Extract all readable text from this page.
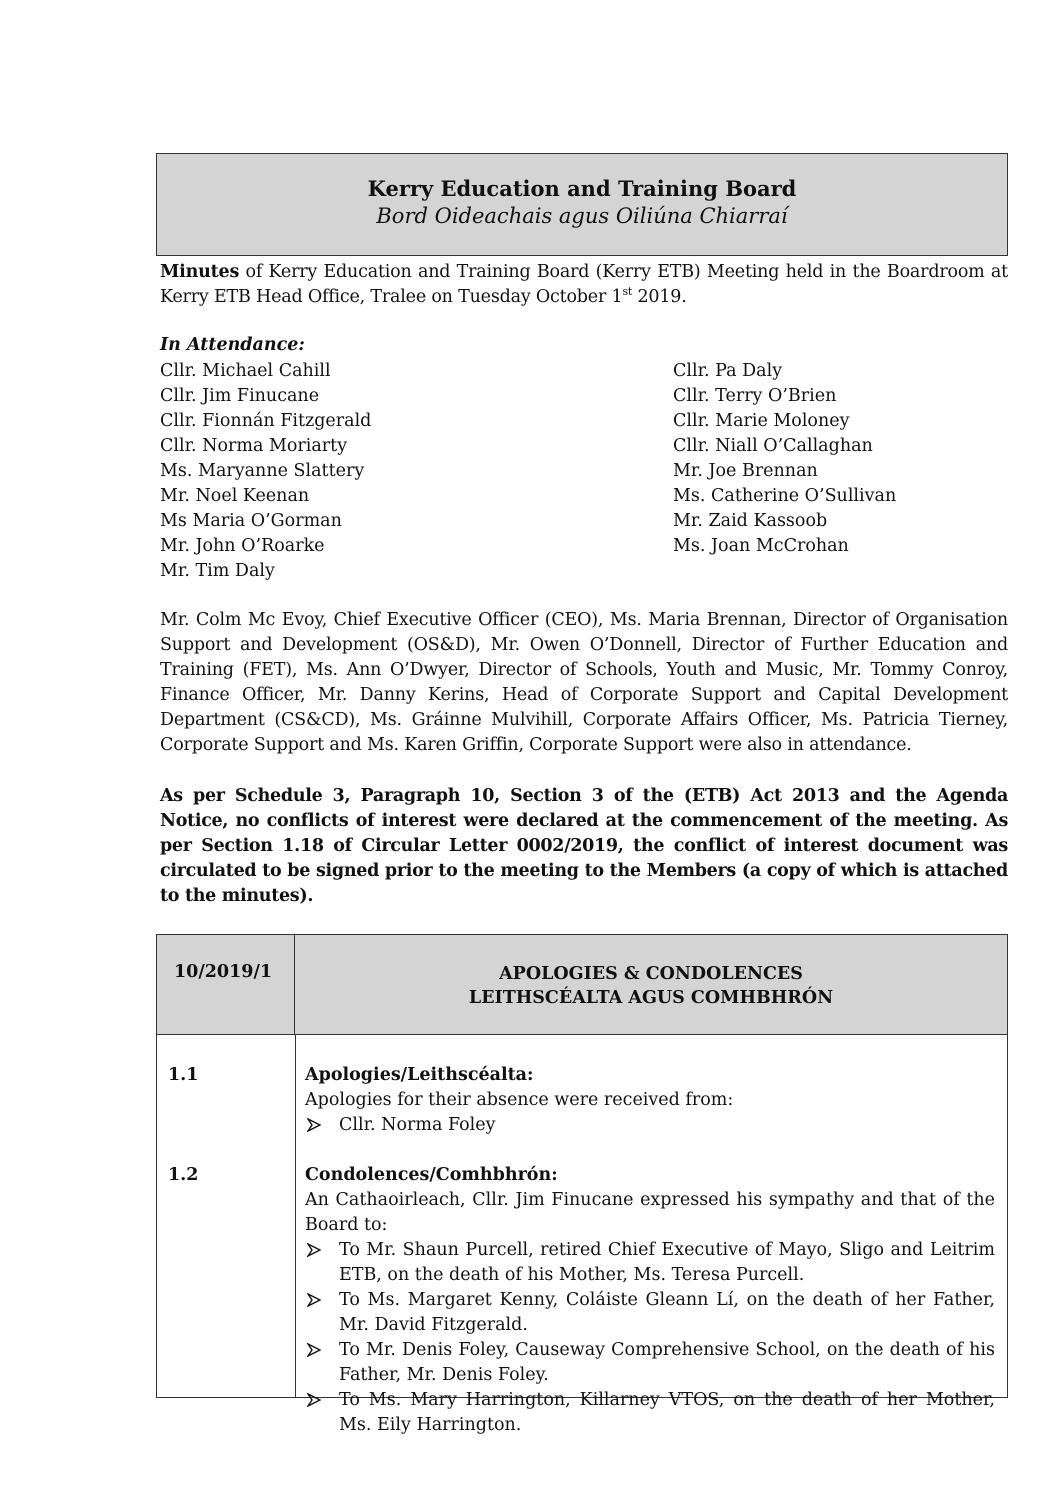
Kerry Education and Training Board
Bord Oideachais agus Oiliúna Chiarraí
Minutes of Kerry Education and Training Board (Kerry ETB) Meeting held in the Boardroom at Kerry ETB Head Office, Tralee on Tuesday October 1st 2019.
In Attendance:
Cllr. Michael Cahill
Cllr. Jim Finucane
Cllr. Fionnán Fitzgerald
Cllr. Norma Moriarty
Ms. Maryanne Slattery
Mr. Noel Keenan
Ms Maria O’Gorman
Mr. John O’Roarke
Mr. Tim Daly
Cllr. Pa Daly
Cllr. Terry O’Brien
Cllr. Marie Moloney
Cllr. Niall O’Callaghan
Mr. Joe Brennan
Ms. Catherine O’Sullivan
Mr. Zaid Kassoob
Ms. Joan McCrohan
Mr. Colm Mc Evoy, Chief Executive Officer (CEO), Ms. Maria Brennan, Director of Organisation Support and Development (OS&D), Mr. Owen O’Donnell, Director of Further Education and Training (FET), Ms. Ann O’Dwyer, Director of Schools, Youth and Music, Mr. Tommy Conroy, Finance Officer, Mr. Danny Kerins, Head of Corporate Support and Capital Development Department (CS&CD), Ms. Gráinne Mulvihill, Corporate Affairs Officer, Ms. Patricia Tierney, Corporate Support and Ms. Karen Griffin, Corporate Support were also in attendance.
As per Schedule 3, Paragraph 10, Section 3 of the (ETB) Act 2013 and the Agenda Notice, no conflicts of interest were declared at the commencement of the meeting. As per Section 1.18 of Circular Letter 0002/2019, the conflict of interest document was circulated to be signed prior to the meeting to the Members (a copy of which is attached to the minutes).
10/2019/1	APOLOGIES & CONDOLENCES
LEITHSCÉALTA AGUS COMHBHRÓN
1.1	Apologies/Leithscéalta:
Apologies for their absence were received from:
Cllr. Norma Foley
1.2	Condolences/Comhbhrón:
An Cathaoirleach, Cllr. Jim Finucane expressed his sympathy and that of the Board to:
To Mr. Shaun Purcell, retired Chief Executive of Mayo, Sligo and Leitrim ETB, on the death of his Mother, Ms. Teresa Purcell.
To Ms. Margaret Kenny, Coláiste Gleann Lí, on the death of her Father, Mr. David Fitzgerald.
To Mr. Denis Foley, Causeway Comprehensive School, on the death of his Father, Mr. Denis Foley.
To Ms. Mary Harrington, Killarney VTOS, on the death of her Mother, Ms. Eily Harrington.
